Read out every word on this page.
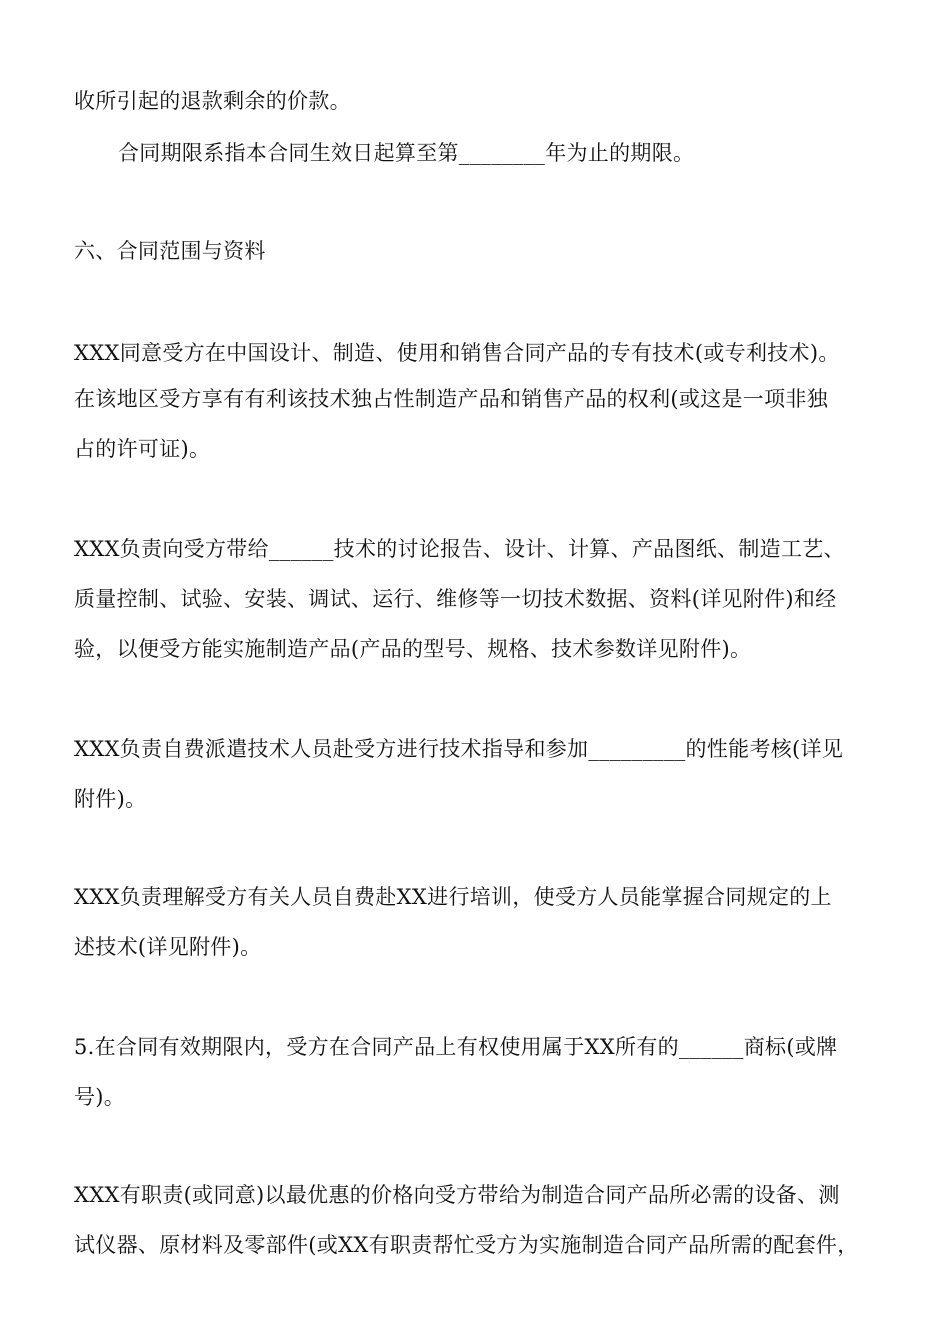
收所引起的退款剩余的价款。
合同期限系指本合同生效日起算至第________年为止的期限。
六、合同范围与资料
XXX同意受方在中国设计、制造、使用和销售合同产品的专有技术(或专利技术)。
在该地区受方享有有利该技术独占性制造产品和销售产品的权利(或这是一项非独
占的许可证)。
XXX负责向受方带给______技术的讨论报告、设计、计算、产品图纸、制造工艺、
质量控制、试验、安装、调试、运行、维修等一切技术数据、资料(详见附件)和经
验，以便受方能实施制造产品(产品的型号、规格、技术参数详见附件)。
XXX负责自费派遣技术人员赴受方进行技术指导和参加_________的性能考核(详见
附件)。
XXX负责理解受方有关人员自费赴XX进行培训，使受方人员能掌握合同规定的上
述技术(详见附件)。
5.在合同有效期限内，受方在合同产品上有权使用属于XX所有的______商标(或牌
号)。
XXX有职责(或同意)以最优惠的价格向受方带给为制造合同产品所必需的设备、测
试仪器、原材料及零部件(或XX有职责帮忙受方为实施制造合同产品所需的配套件，
